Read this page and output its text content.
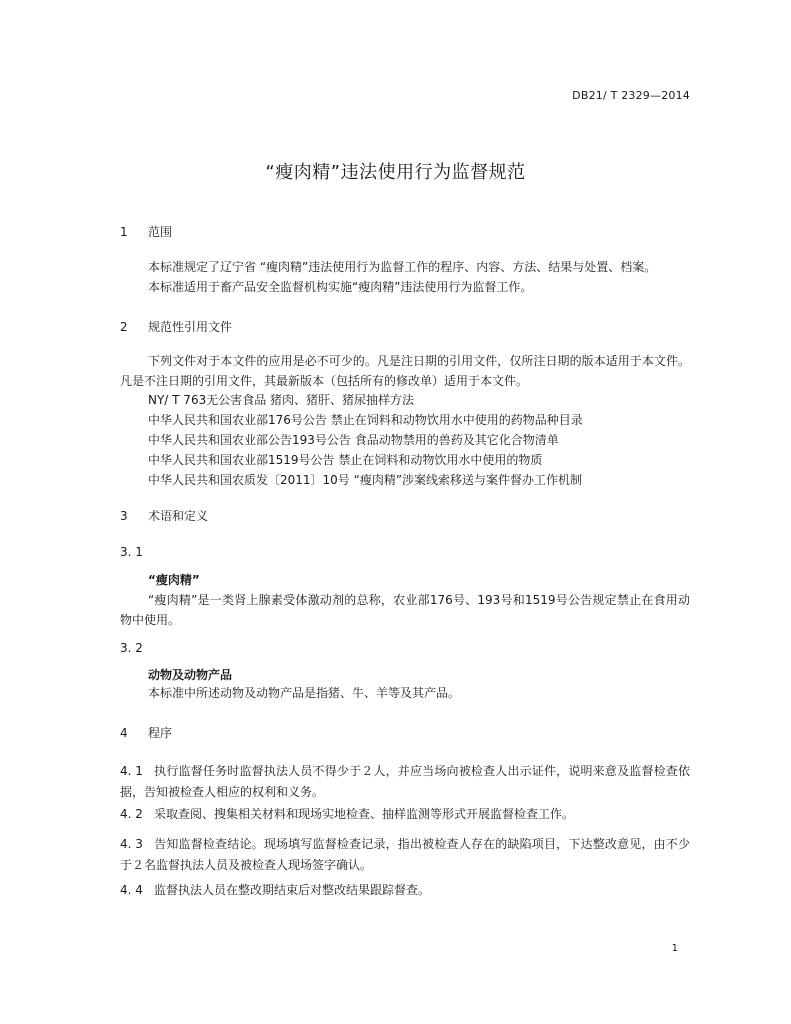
DB21/ T 2329—2014
“瘦肉精”违法使用行为监督规范
1 范围
本标准规定了辽宁省 “瘦肉精”违法使用行为监督工作的程序、内容、方法、结果与处置、档案。
本标准适用于畜产品安全监督机构实施“瘦肉精”违法使用行为监督工作。
2 规范性引用文件
下列文件对于本文件的应用是必不可少的。凡是注日期的引用文件，仅所注日期的版本适用于本文件。凡是不注日期的引用文件，其最新版本（包括所有的修改单）适用于本文件。
NY/ T 763无公害食品 猪肉、猪肝、猪尿抽样方法
中华人民共和国农业部176号公告 禁止在饲料和动物饮用水中使用的药物品种目录
中华人民共和国农业部公告193号公告 食品动物禁用的兽药及其它化合物清单
中华人民共和国农业部1519号公告 禁止在饲料和动物饮用水中使用的物质
中华人民共和国农质发〔2011〕10号 “瘦肉精”涉案线索移送与案件督办工作机制
3 术语和定义
3. 1
“瘦肉精”
“瘦肉精”是一类肾上腺素受体激动剂的总称，农业部176号、193号和1519号公告规定禁止在食用动物中使用。
3. 2
动物及动物产品
本标准中所述动物及动物产品是指猪、牛、羊等及其产品。
4 程序
4. 1 执行监督任务时监督执法人员不得少于２人，并应当场向被检查人出示证件，说明来意及监督检查依据，告知被检查人相应的权利和义务。
4. 2 采取查阅、搜集相关材料和现场实地检查、抽样监测等形式开展监督检查工作。
4. 3 告知监督检查结论。现场填写监督检查记录，指出被检查人存在的缺陷项目，下达整改意见，由不少于２名监督执法人员及被检查人现场签字确认。
4. 4 监督执法人员在整改期结束后对整改结果跟踪督查。
1
